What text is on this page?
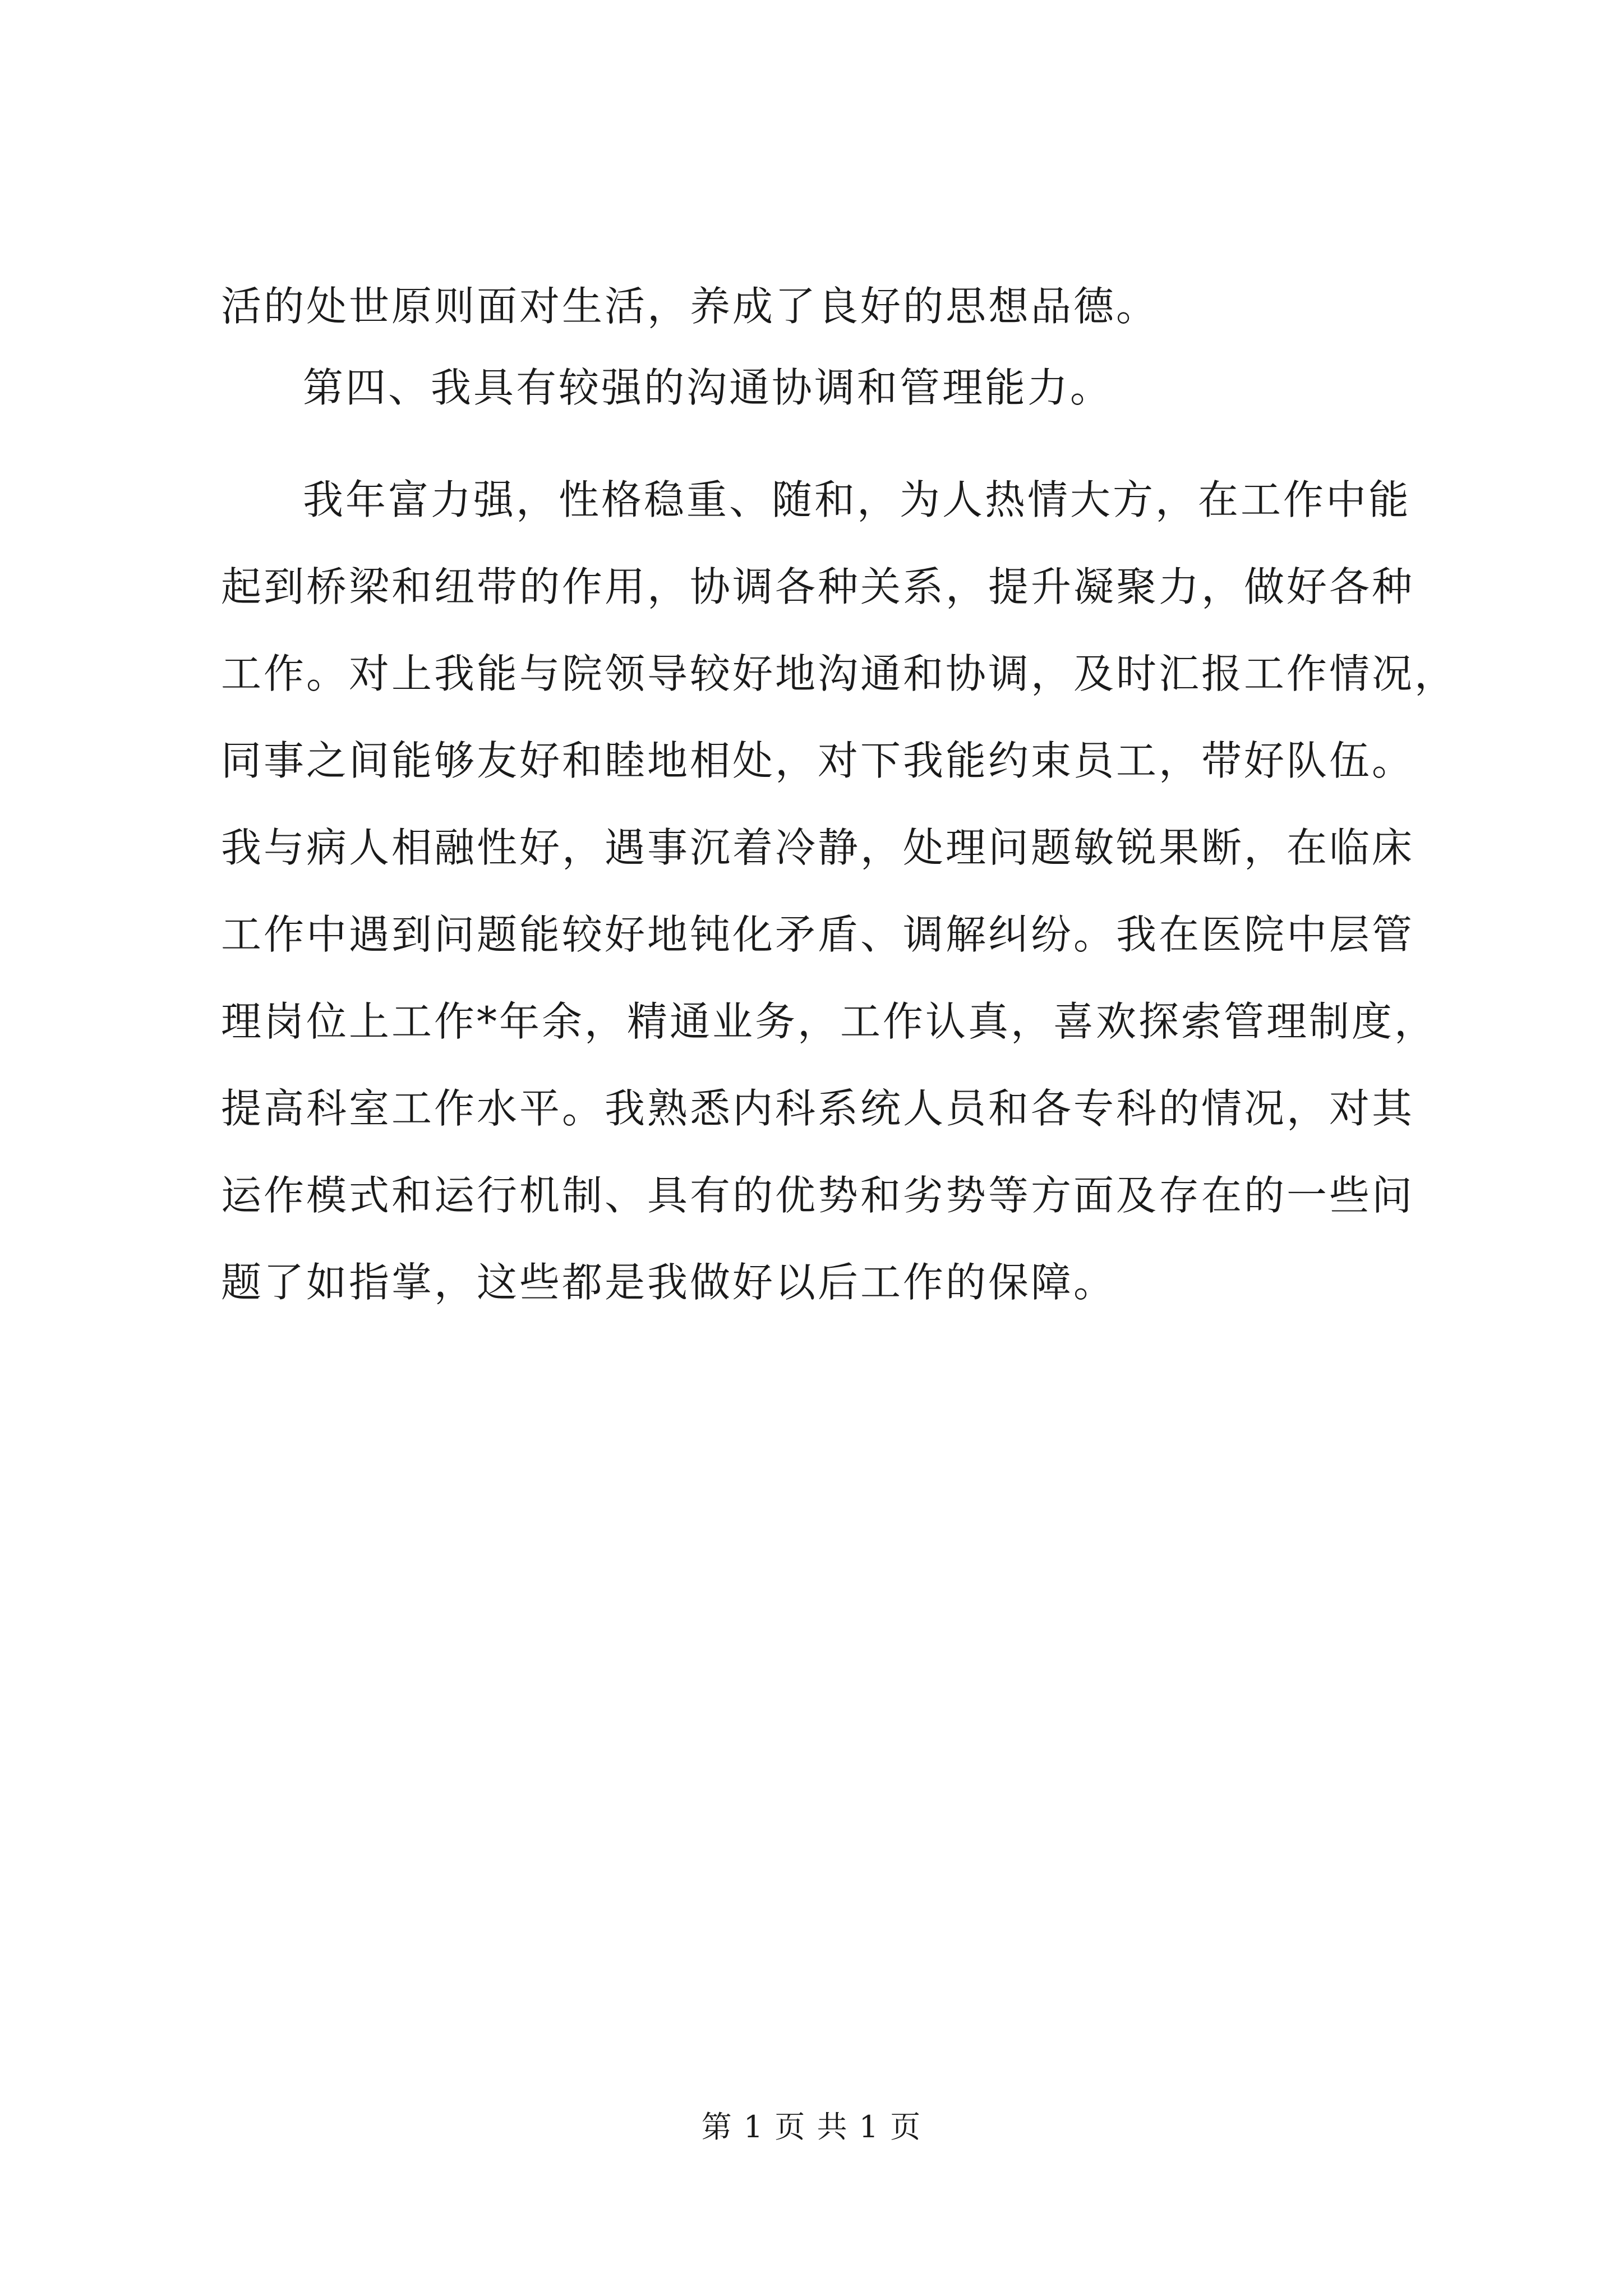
活的处世原则面对生活，养成了良好的思想品德。
第四、我具有较强的沟通协调和管理能力。
我年富力强，性格稳重、随和，为人热情大方，在工作中能
起到桥梁和纽带的作用，协调各种关系，提升凝聚力，做好各种
工作。对上我能与院领导较好地沟通和协调，及时汇报工作情况，
同事之间能够友好和睦地相处，对下我能约束员工，带好队伍。
我与病人相融性好，遇事沉着冷静，处理问题敏锐果断，在临床
工作中遇到问题能较好地钝化矛盾、调解纠纷。我在医院中层管
理岗位上工作*年余，精通业务，工作认真，喜欢探索管理制度，
提高科室工作水平。我熟悉内科系统人员和各专科的情况，对其
运作模式和运行机制、具有的优势和劣势等方面及存在的一些问
题了如指掌，这些都是我做好以后工作的保障。
第 1 页 共 1 页
